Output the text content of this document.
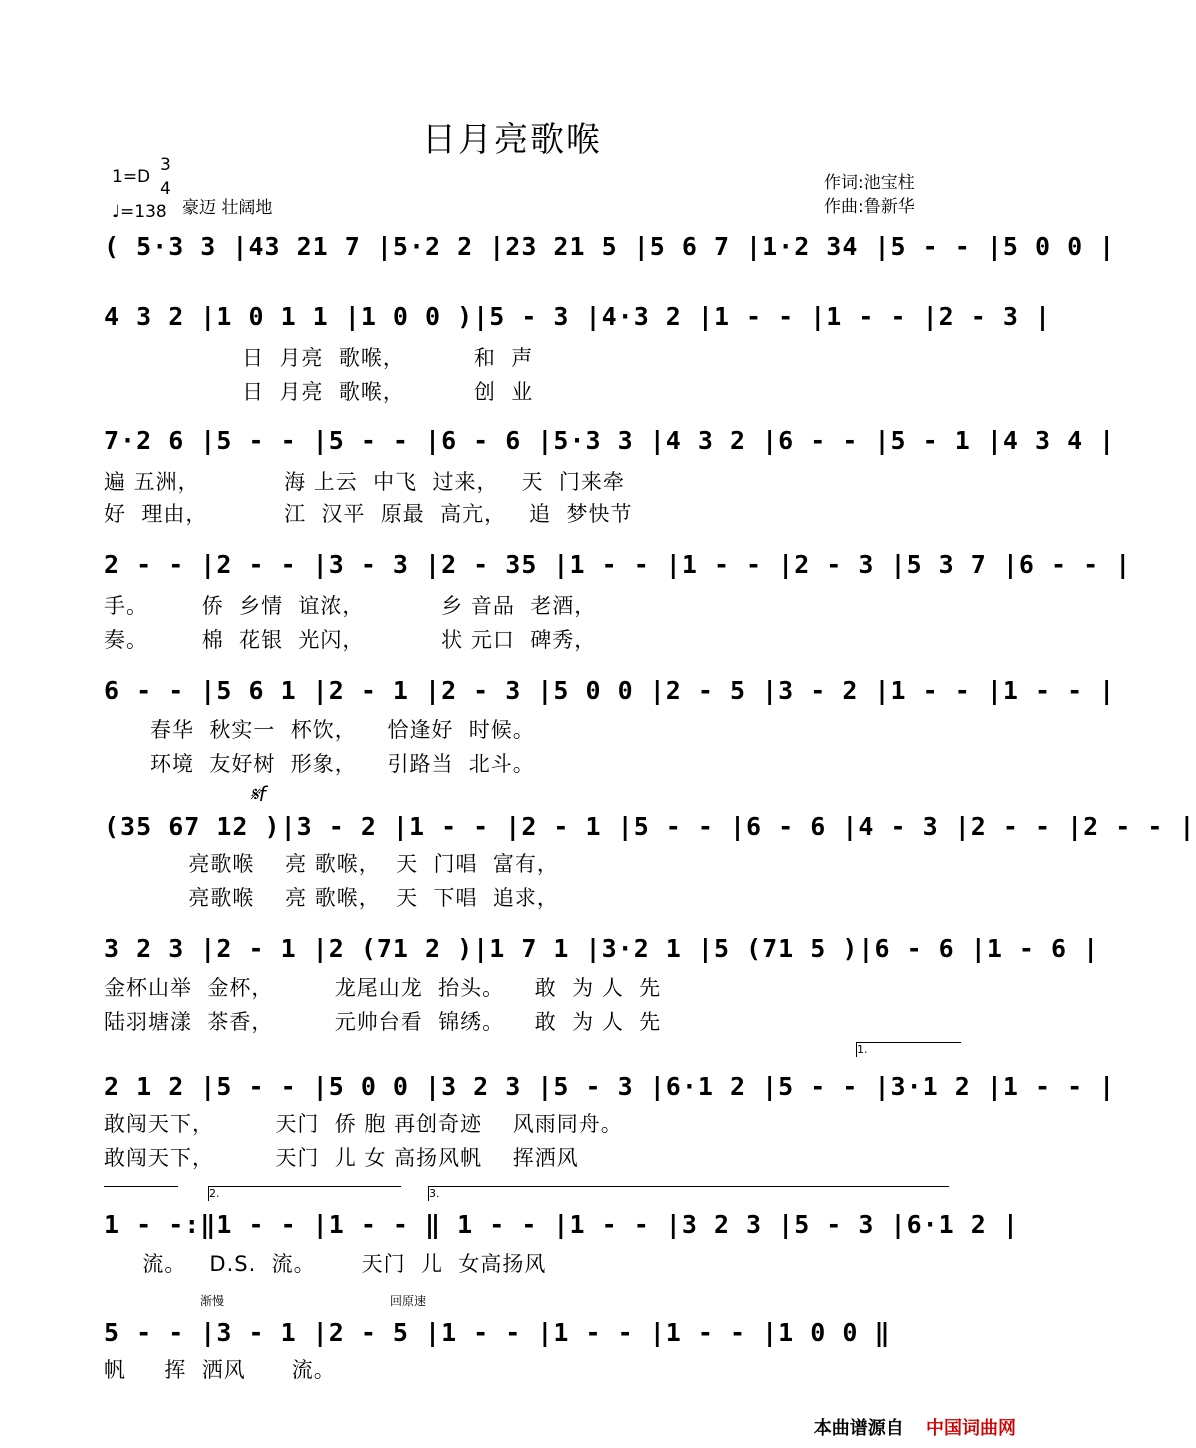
日月亮歌喉
1=D
3
4
♩=138 豪迈 壮阔地
作词:池宝柱
作曲:鲁新华
( 5·3 3 |43 21 7 |5·2 2 |23 21 5 |5 6 7 |1·2 34 |5 - - |5 0 0 |
4 3 2 |1 0 1 1 |1 0 0 )|5 - 3 |4·3 2 |1 - - |1 - - |2 - 3 |
日  月亮  歌喉，         和  声
日  月亮  歌喉，         创  业
7·2 6 |5 - - |5 - - |6 - 6 |5·3 3 |4 3 2 |6 - - |5 - 1 |4 3 4 |
遍 五洲，           海 上云  中飞  过来，   天  门来牵
好  理由，          江  汉平  原最  高亢，   追  梦快节
2 - - |2 - - |3 - 3 |2 - 35 |1 - - |1 - - |2 - 3 |5 3 7 |6 - - |
手。       侨  乡情  谊浓，          乡 音品  老酒，
奏。       棉  花银  光闪，          状 元口  碑秀，
6 - - |5 6 1 |2 - 1 |2 - 3 |5 0 0 |2 - 5 |3 - 2 |1 - - |1 - - |
春华  秋实一  杯饮，    恰逢好  时候。
环境  友好树  形象，    引路当  北斗。
𝄋f
(35 67 12 )|3 - 2 |1 - - |2 - 1 |5 - - |6 - 6 |4 - 3 |2 - - |2 - - |
亮歌喉    亮 歌喉，  天  门唱  富有，
亮歌喉    亮 歌喉，  天  下唱  追求，
3 2 3 |2 - 1 |2 (71 2 )|1 7 1 |3·2 1 |5 (71 5 )|6 - 6 |1 - 6 |
金杯山举  金杯，        龙尾山龙  抬头。    敢  为 人  先
陆羽塘漾  茶香，        元帅台看  锦绣。    敢  为 人  先
1.
2 1 2 |5 - - |5 0 0 |3 2 3 |5 - 3 |6·1 2 |5 - - |3·1 2 |1 - - |
敢闯天下，        天门  侨 胞 再创奇迹    风雨同舟。
敢闯天下，        天门  儿 女 高扬风帆    挥洒风
2.	3.
1 - -:‖1 - - |1 - - ‖ 1 - - |1 - - |3 2 3 |5 - 3 |6·1 2 |
流。   D.S.  流。      天门  儿  女高扬风
渐慢	回原速
5 - - |3 - 1 |2 - 5 |1 - - |1 - - |1 - - |1 0 0 ‖
帆     挥  洒风      流。
本曲谱源自 中国词曲网
